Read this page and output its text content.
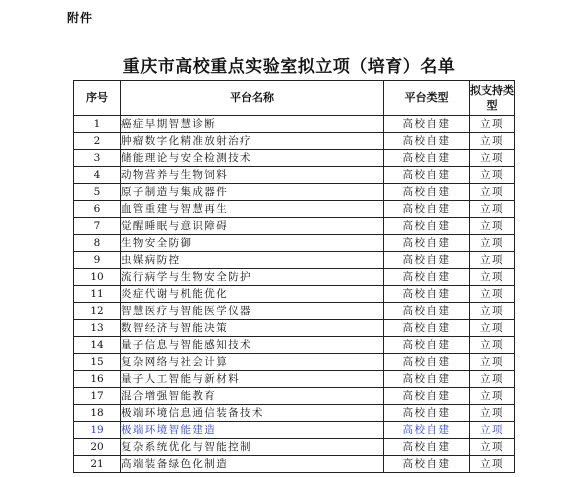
附件
重庆市高校重点实验室拟立项（培育）名单
序号	平台名称	平台类型	拟支持类型
1	癌症早期智慧诊断	高校自建	立项
2	肿瘤数字化精准放射治疗	高校自建	立项
3	储能理论与安全检测技术	高校自建	立项
4	动物营养与生物饲料	高校自建	立项
5	原子制造与集成器件	高校自建	立项
6	血管重建与智慧再生	高校自建	立项
7	觉醒睡眠与意识障碍	高校自建	立项
8	生物安全防御	高校自建	立项
9	虫媒病防控	高校自建	立项
10	流行病学与生物安全防护	高校自建	立项
11	炎症代谢与机能优化	高校自建	立项
12	智慧医疗与智能医学仪器	高校自建	立项
13	数智经济与智能决策	高校自建	立项
14	量子信息与智能感知技术	高校自建	立项
15	复杂网络与社会计算	高校自建	立项
16	量子人工智能与新材料	高校自建	立项
17	混合增强智能教育	高校自建	立项
18	极端环境信息通信装备技术	高校自建	立项
19	极端环境智能建造	高校自建	立项
20	复杂系统优化与智能控制	高校自建	立项
21	高端装备绿色化制造	高校自建	立项
